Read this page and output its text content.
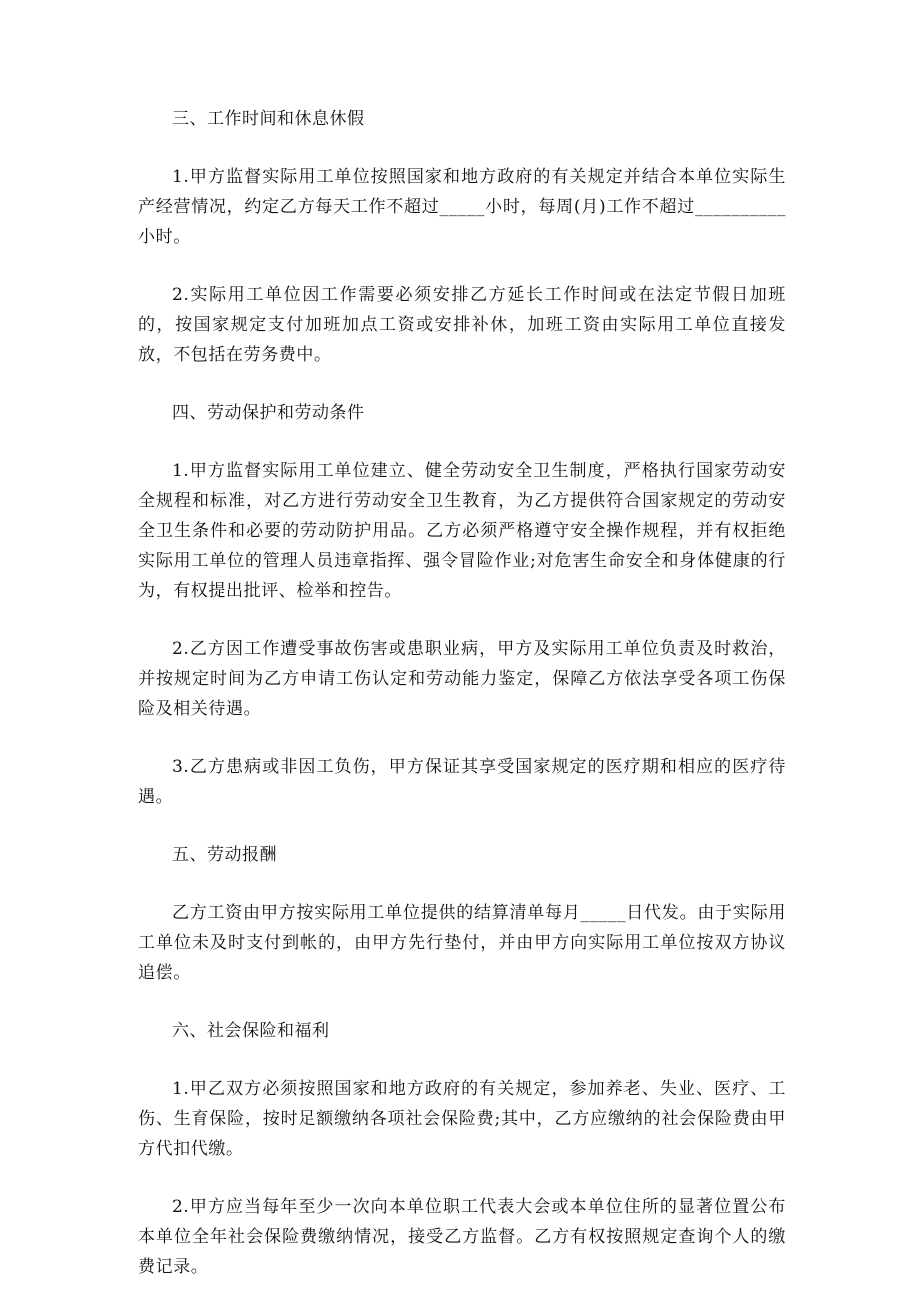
三、工作时间和休息休假
1.甲方监督实际用工单位按照国家和地方政府的有关规定并结合本单位实际生产经营情况，约定乙方每天工作不超过_____小时，每周(月)工作不超过__________小时。
2.实际用工单位因工作需要必须安排乙方延长工作时间或在法定节假日加班的，按国家规定支付加班加点工资或安排补休，加班工资由实际用工单位直接发放，不包括在劳务费中。
四、劳动保护和劳动条件
1.甲方监督实际用工单位建立、健全劳动安全卫生制度，严格执行国家劳动安全规程和标准，对乙方进行劳动安全卫生教育，为乙方提供符合国家规定的劳动安全卫生条件和必要的劳动防护用品。乙方必须严格遵守安全操作规程，并有权拒绝实际用工单位的管理人员违章指挥、强令冒险作业;对危害生命安全和身体健康的行为，有权提出批评、检举和控告。
2.乙方因工作遭受事故伤害或患职业病，甲方及实际用工单位负责及时救治，并按规定时间为乙方申请工伤认定和劳动能力鉴定，保障乙方依法享受各项工伤保险及相关待遇。
3.乙方患病或非因工负伤，甲方保证其享受国家规定的医疗期和相应的医疗待遇。
五、劳动报酬
乙方工资由甲方按实际用工单位提供的结算清单每月_____日代发。由于实际用工单位未及时支付到帐的，由甲方先行垫付，并由甲方向实际用工单位按双方协议追偿。
六、社会保险和福利
1.甲乙双方必须按照国家和地方政府的有关规定，参加养老、失业、医疗、工伤、生育保险，按时足额缴纳各项社会保险费;其中，乙方应缴纳的社会保险费由甲方代扣代缴。
2.甲方应当每年至少一次向本单位职工代表大会或本单位住所的显著位置公布本单位全年社会保险费缴纳情况，接受乙方监督。乙方有权按照规定查询个人的缴费记录。
